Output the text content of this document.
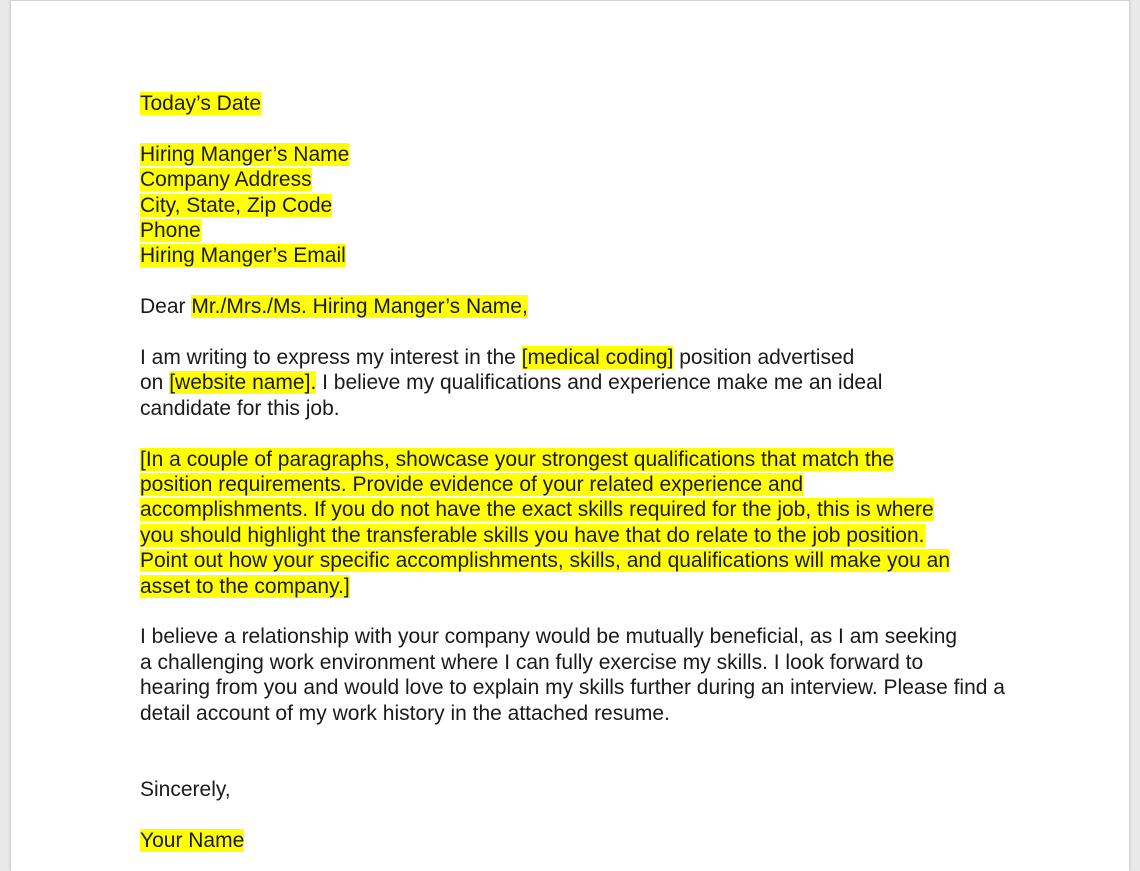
Today’s Date

Hiring Manger’s Name
Company Address
City, State, Zip Code
Phone
Hiring Manger’s Email

Dear Mr./Mrs./Ms. Hiring Manger’s Name,

I am writing to express my interest in the [medical coding] position advertised
on [website name]. I believe my qualifications and experience make me an ideal
candidate for this job.
[In a couple of paragraphs, showcase your strongest qualifications that match the
position requirements. Provide evidence of your related experience and
accomplishments. If you do not have the exact skills required for the job, this is where
you should highlight the transferable skills you have that do relate to the job position.
Point out how your specific accomplishments, skills, and qualifications will make you an
asset to the company.]
I believe a relationship with your company would be mutually beneficial, as I am seeking
a challenging work environment where I can fully exercise my skills. I look forward to
hearing from you and would love to explain my skills further during an interview. Please find a
detail account of my work history in the attached resume.

Sincerely,

Your Name
